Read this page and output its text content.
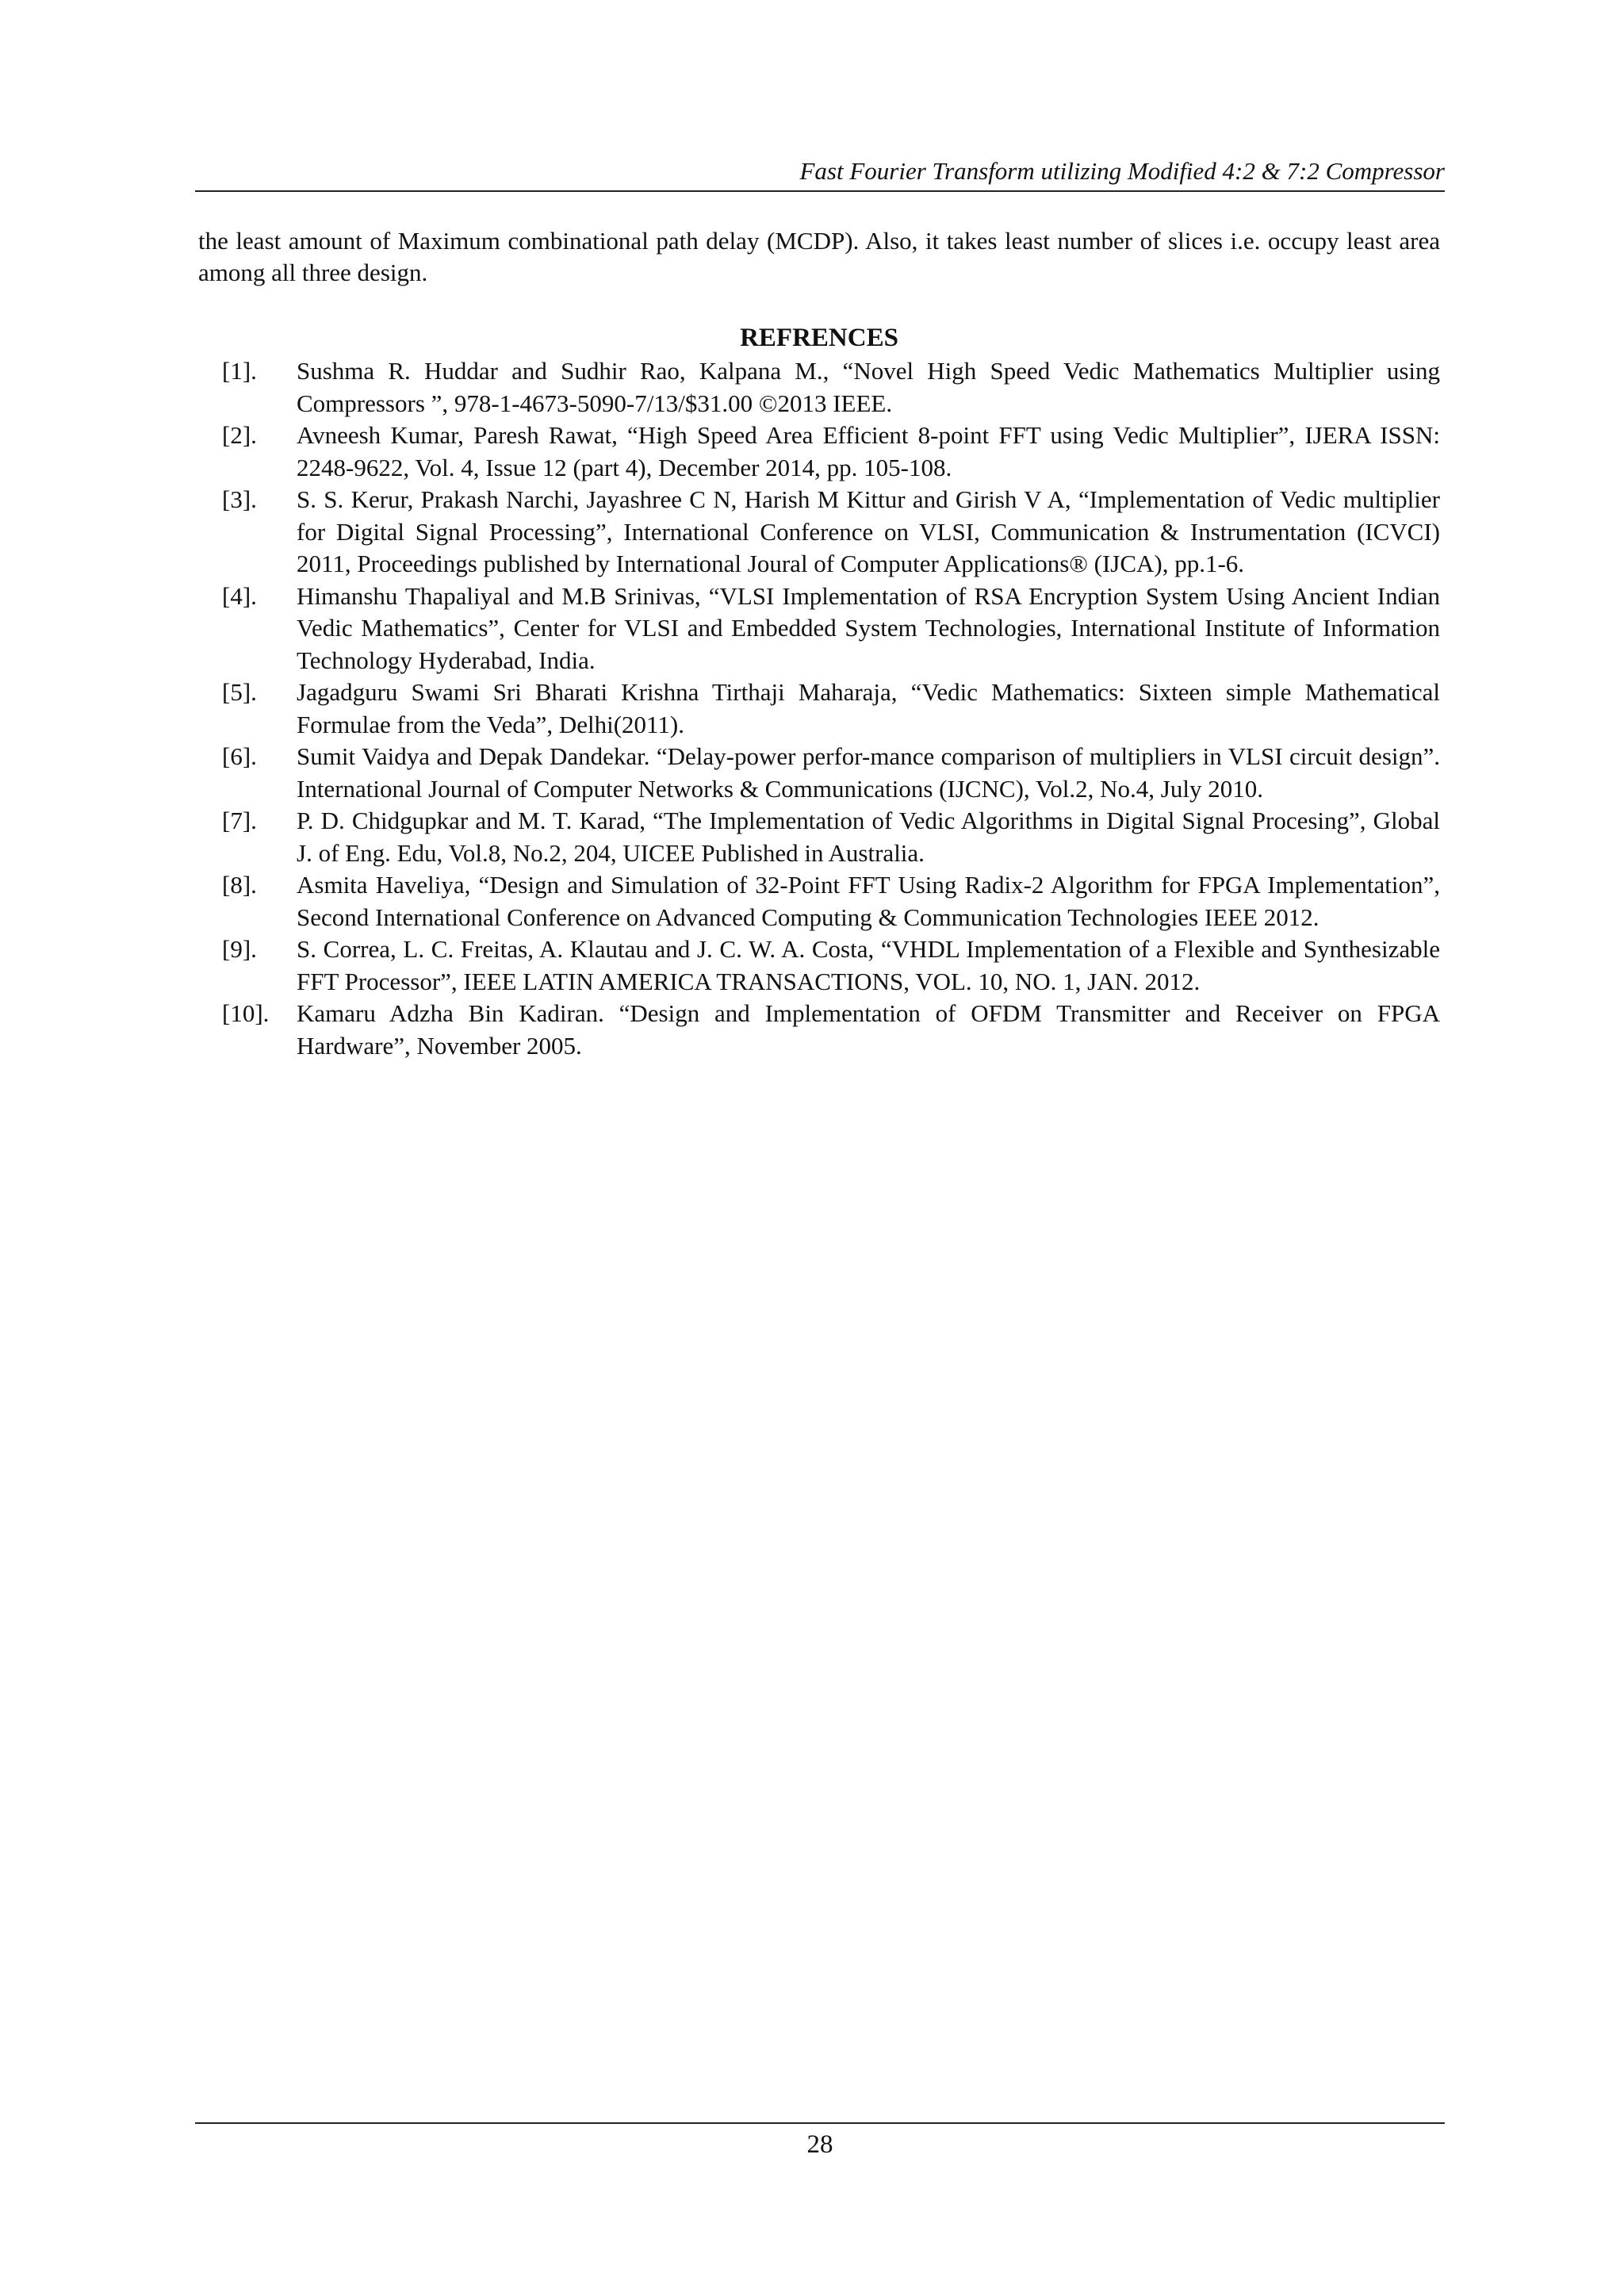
Fast Fourier Transform utilizing Modified 4:2 & 7:2 Compressor

the least amount of Maximum combinational path delay (MCDP). Also, it takes least number of slices i.e. occupy least area among all three design.

REFRENCES
[1]. Sushma R. Huddar and Sudhir Rao, Kalpana M., “Novel High Speed Vedic Mathematics Multiplier using Compressors ”, 978-1-4673-5090-7/13/$31.00 ©2013 IEEE.
[2]. Avneesh Kumar, Paresh Rawat, “High Speed Area Efficient 8-point FFT using Vedic Multiplier”, IJERA ISSN: 2248-9622, Vol. 4, Issue 12 (part 4), December 2014, pp. 105-108.
[3]. S. S. Kerur, Prakash Narchi, Jayashree C N, Harish M Kittur and Girish V A, “Implementation of Vedic multiplier for Digital Signal Processing”, International Conference on VLSI, Communication & Instrumentation (ICVCI) 2011, Proceedings published by International Joural of Computer Applications® (IJCA), pp.1-6.
[4]. Himanshu Thapaliyal and M.B Srinivas, “VLSI Implementation of RSA Encryption System Using Ancient Indian Vedic Mathematics”, Center for VLSI and Embedded System Technologies, International Institute of Information Technology Hyderabad, India.
[5]. Jagadguru Swami Sri Bharati Krishna Tirthaji Maharaja, “Vedic Mathematics: Sixteen simple Mathematical Formulae from the Veda”, Delhi(2011).
[6]. Sumit Vaidya and Depak Dandekar. “Delay-power perfor-mance comparison of multipliers in VLSI circuit design”. International Journal of Computer Networks & Communications (IJCNC), Vol.2, No.4, July 2010.
[7]. P. D. Chidgupkar and M. T. Karad, “The Implementation of Vedic Algorithms in Digital Signal Procesing”, Global J. of Eng. Edu, Vol.8, No.2, 204, UICEE Published in Australia.
[8]. Asmita Haveliya, “Design and Simulation of 32-Point FFT Using Radix-2 Algorithm for FPGA Implementation”, Second International Conference on Advanced Computing & Communication Technologies IEEE 2012.
[9]. S. Correa, L. C. Freitas, A. Klautau and J. C. W. A. Costa, “VHDL Implementation of a Flexible and Synthesizable FFT Processor”, IEEE LATIN AMERICA TRANSACTIONS, VOL. 10, NO. 1, JAN. 2012.
[10]. Kamaru Adzha Bin Kadiran. “Design and Implementation of OFDM Transmitter and Receiver on FPGA Hardware”, November 2005.
28
